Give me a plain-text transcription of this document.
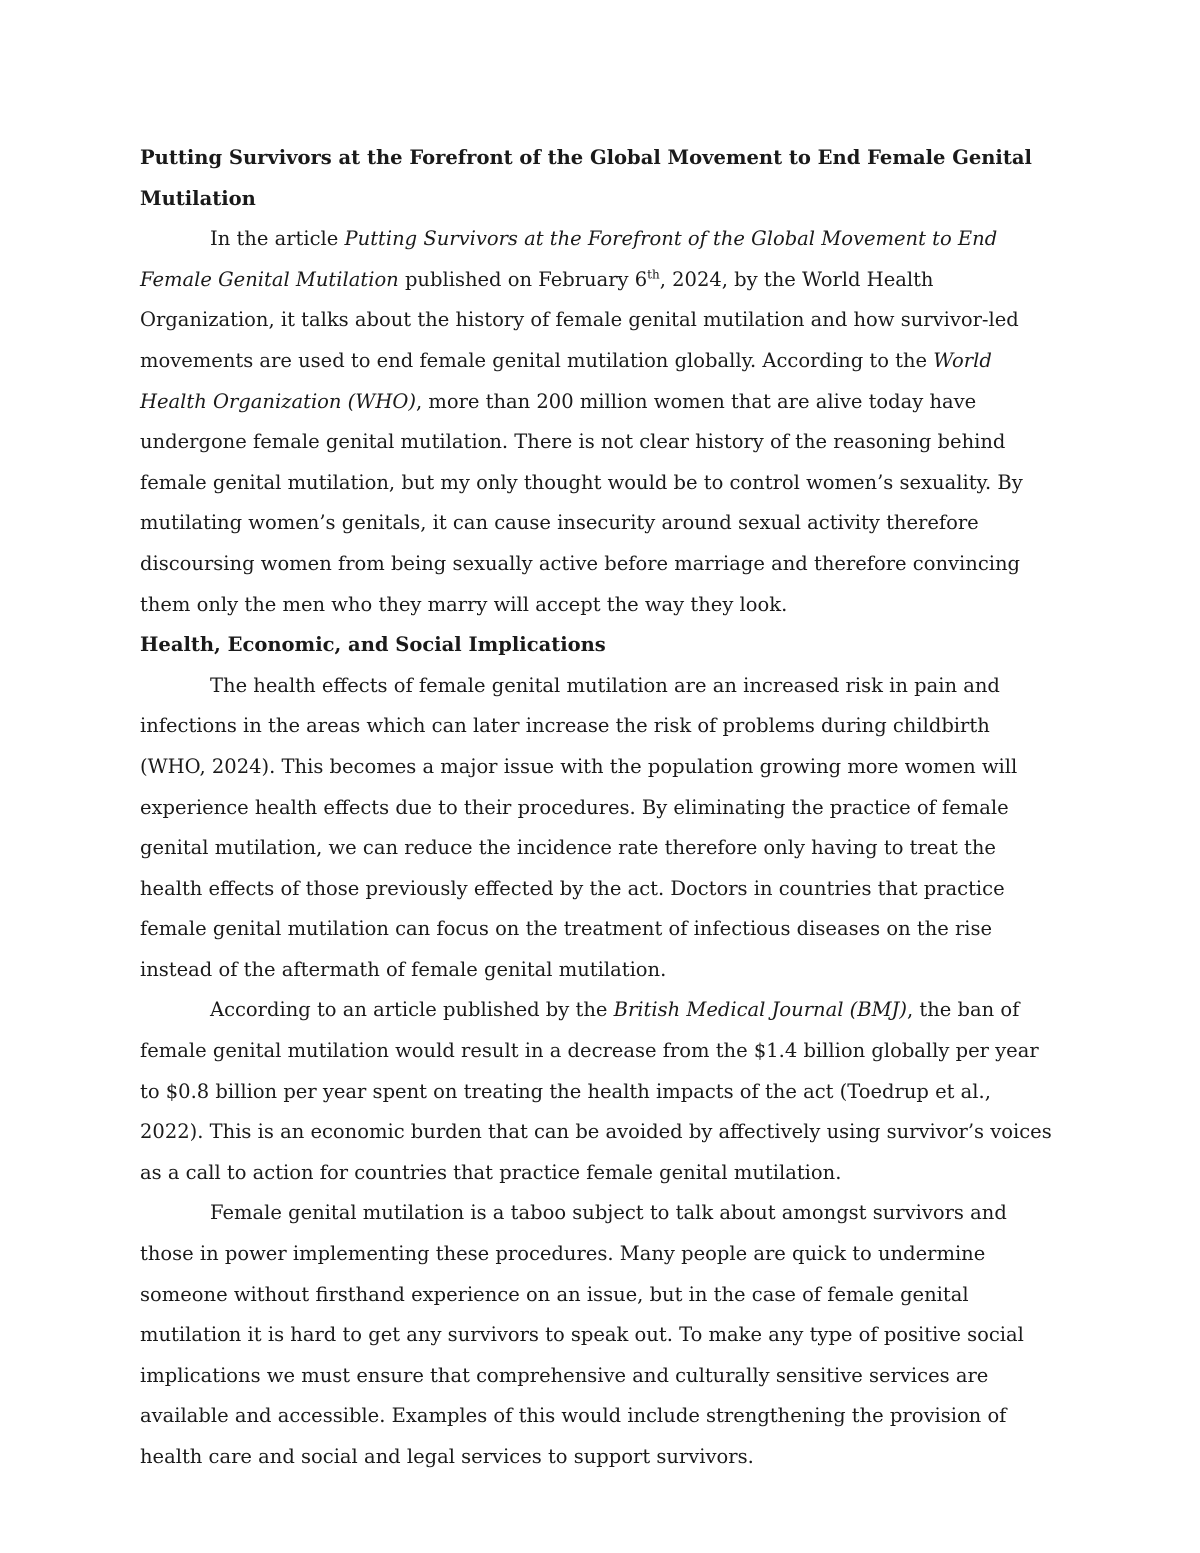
Putting Survivors at the Forefront of the Global Movement to End Female Genital Mutilation

In the article Putting Survivors at the Forefront of the Global Movement to End Female Genital Mutilation published on February 6th, 2024, by the World Health Organization, it talks about the history of female genital mutilation and how survivor-led movements are used to end female genital mutilation globally. According to the World Health Organization (WHO), more than 200 million women that are alive today have undergone female genital mutilation. There is not clear history of the reasoning behind female genital mutilation, but my only thought would be to control women’s sexuality. By mutilating women’s genitals, it can cause insecurity around sexual activity therefore discoursing women from being sexually active before marriage and therefore convincing them only the men who they marry will accept the way they look.

Health, Economic, and Social Implications

The health effects of female genital mutilation are an increased risk in pain and infections in the areas which can later increase the risk of problems during childbirth (WHO, 2024). This becomes a major issue with the population growing more women will experience health effects due to their procedures. By eliminating the practice of female genital mutilation, we can reduce the incidence rate therefore only having to treat the health effects of those previously effected by the act. Doctors in countries that practice female genital mutilation can focus on the treatment of infectious diseases on the rise instead of the aftermath of female genital mutilation.

According to an article published by the British Medical Journal (BMJ), the ban of female genital mutilation would result in a decrease from the $1.4 billion globally per year to $0.8 billion per year spent on treating the health impacts of the act (Toedrup et al., 2022). This is an economic burden that can be avoided by affectively using survivor’s voices as a call to action for countries that practice female genital mutilation.

Female genital mutilation is a taboo subject to talk about amongst survivors and those in power implementing these procedures. Many people are quick to undermine someone without firsthand experience on an issue, but in the case of female genital mutilation it is hard to get any survivors to speak out. To make any type of positive social implications we must ensure that comprehensive and culturally sensitive services are available and accessible. Examples of this would include strengthening the provision of health care and social and legal services to support survivors.
